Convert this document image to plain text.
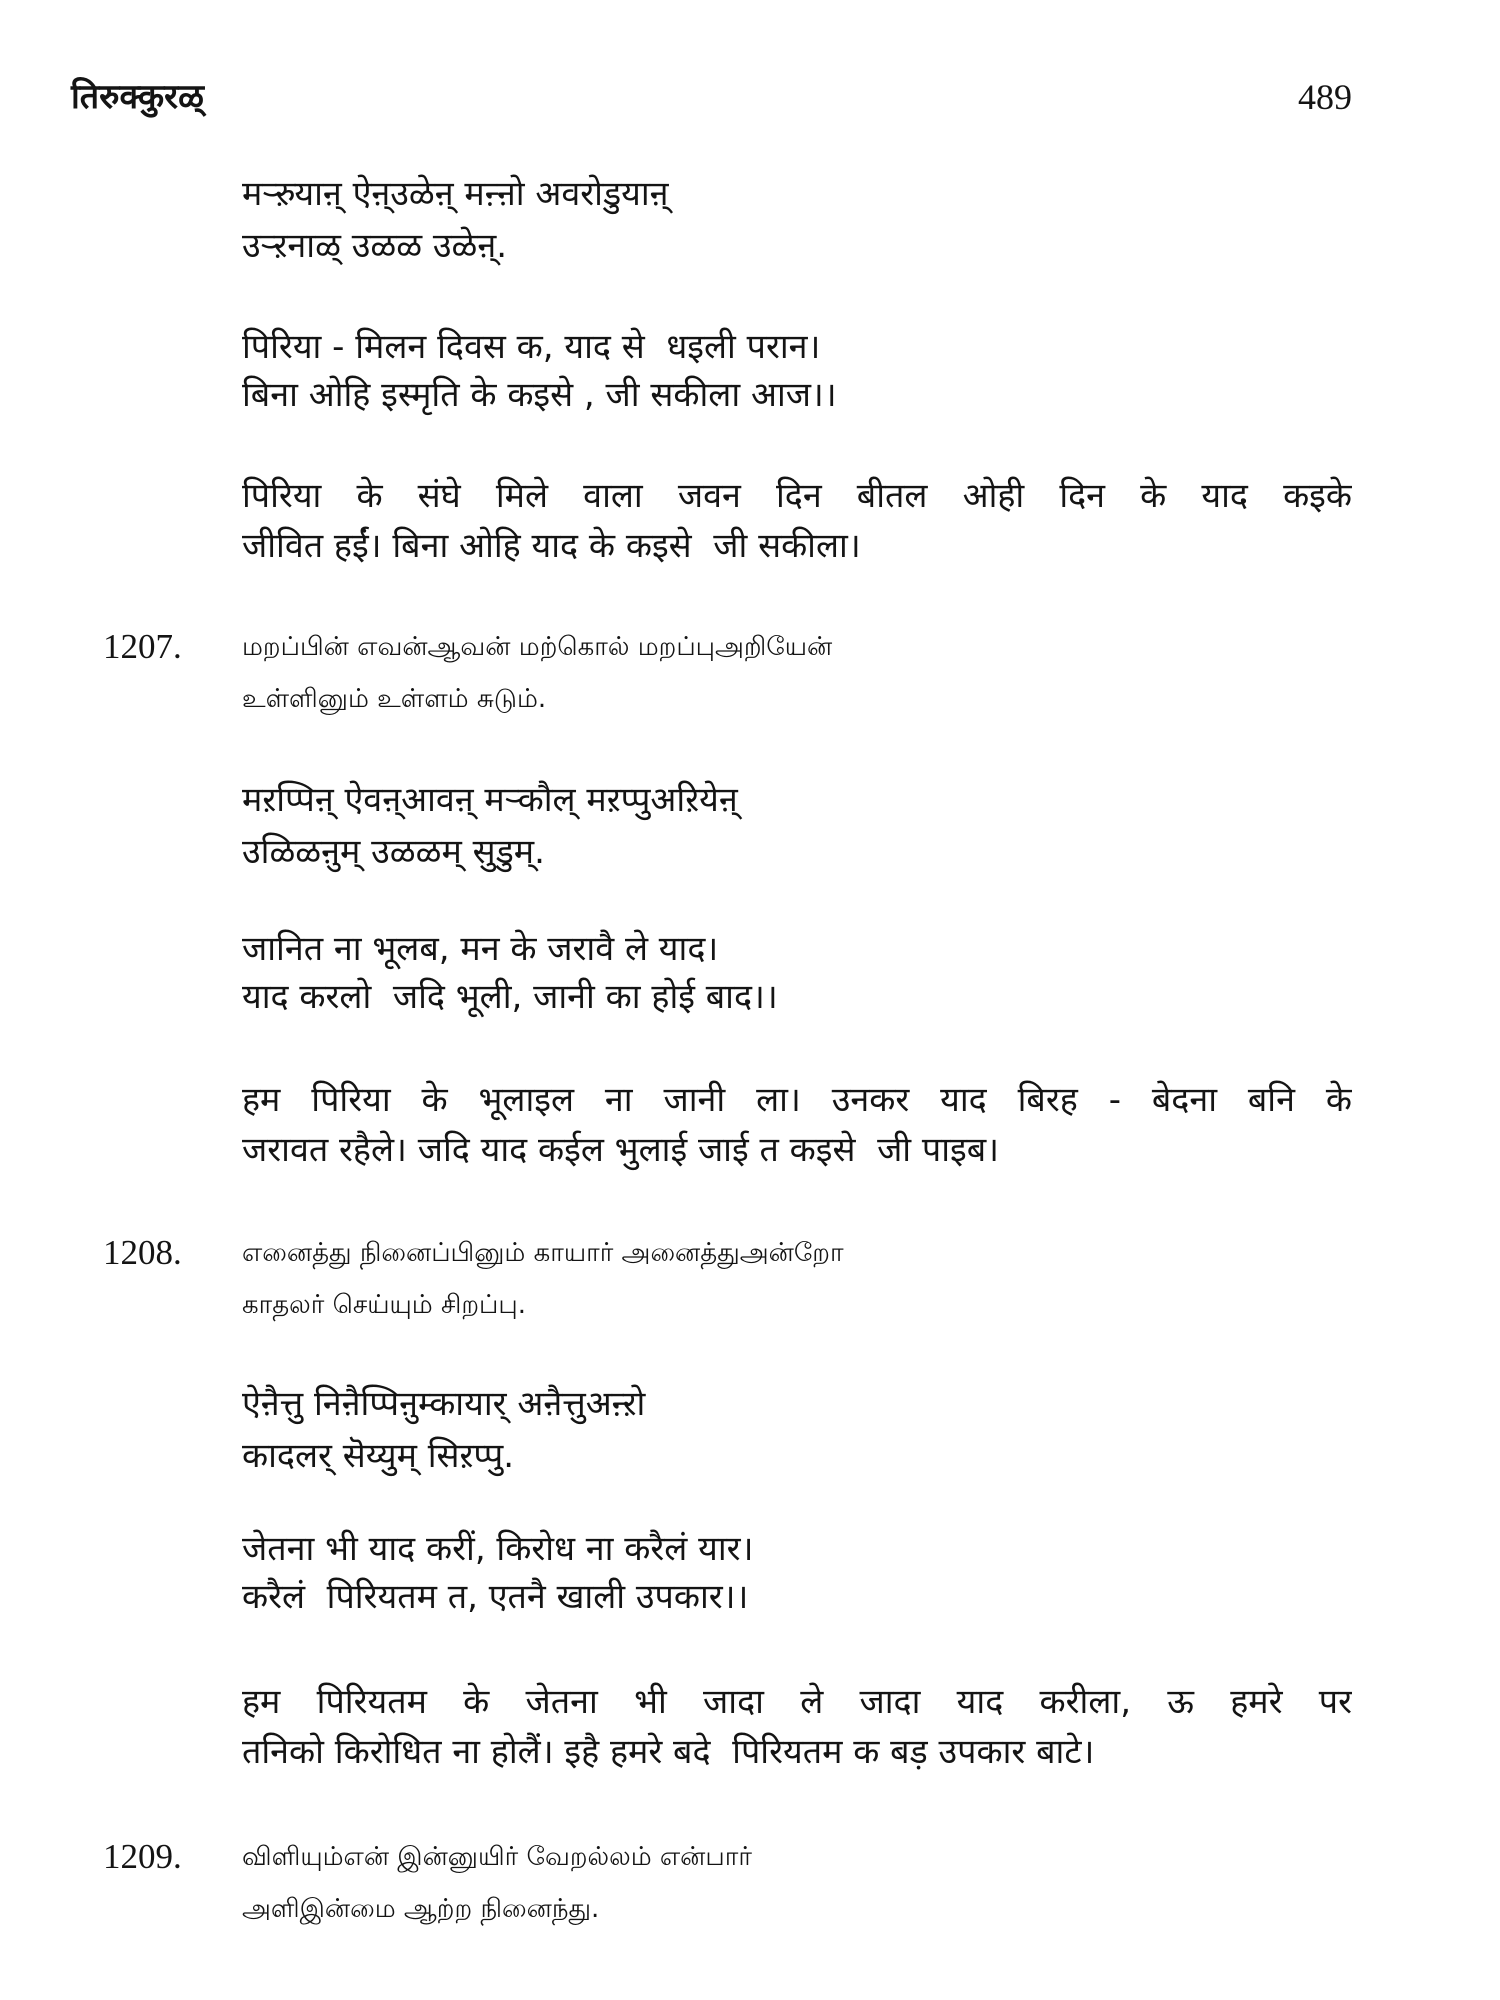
तिरुक्कुरळ्	489
मऱ्ऱुयाऩ् ऐऩ्उळेऩ् मऩ्ऩो अवरोडुयाऩ्
उऱ्ऱनाळ् उळळ उळेऩ्.
पिरिया - मिलन दिवस क, याद से  धइली परान।
बिना ओहि इस्मृति के कइसे , जी सकीला आज।।
पिरिया के संघे मिले वाला जवन दिन बीतल ओही दिन के याद कइके
जीवित हईं। बिना ओहि याद के कइसे  जी सकीला।
1207. மறப்பின் எவன்ஆவன் மற்கொல் மறப்புஅறியேன்
உள்ளினும் உள்ளம் சுடும்.
मऱप्पिऩ् ऐवऩ्आवऩ् मऱ्कौल् मऱप्पुअऱियेऩ्
उळिळऩुम् उळळम् सुडुम्.
जानित ना भूलब, मन के जरावै ले याद।
याद करलो  जदि भूली, जानी का होई बाद।।
हम पिरिया के भूलाइल ना जानी ला। उनकर याद बिरह - बेदना बनि के
जरावत रहैले। जदि याद कईल भुलाई जाई त कइसे  जी पाइब।
1208. எனைத்து நினைப்பினும் காயார் அனைத்துஅன்றோ
காதலர் செய்யும் சிறப்பு.
ऐऩैत्तु निऩैप्पिऩुम्कायार् अऩैत्तुअऩ्ऱो
कादलर् सॆय्युम् सिऱप्पु.
जेतना भी याद करीं, किरोध ना करैलं यार।
करैलं  पिरियतम त, एतनै खाली उपकार।।
हम पिरियतम के जेतना भी जादा ले जादा याद करीला, ऊ हमरे पर
तनिको किरोधित ना होलैं। इहै हमरे बदे  पिरियतम क बड़ उपकार बाटे।
1209. விளியும்என் இன்னுயிர் வேறல்லம் என்பார்
அளிஇன்மை ஆற்ற நினைந்து.
